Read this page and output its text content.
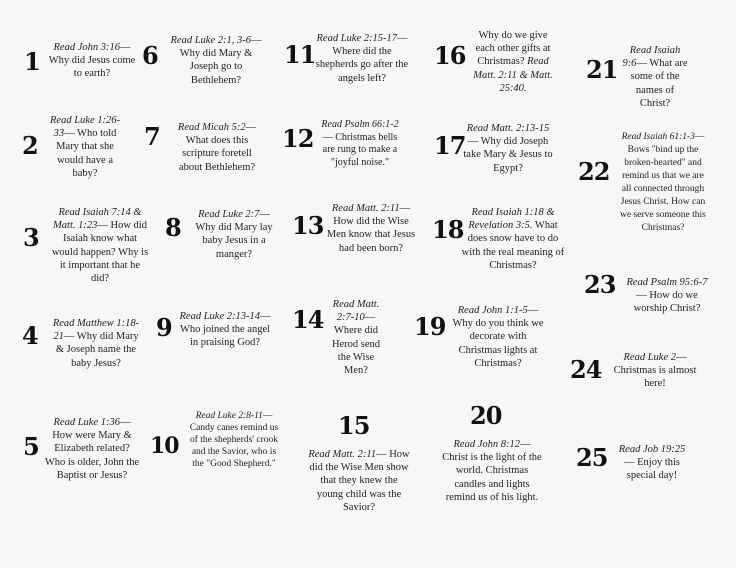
1	Read John 3:16— Why did Jesus come to earth?
2
Read Luke 1:26-33— Who told Mary that she would have a baby?
3
Read Isaiah 7:14 & Matt. 1:23— How did Isaiah know what would happen? Why is it important that he did?
4	Read Matthew 1:18-21— Why did Mary & Joseph name the baby Jesus?
5
Read Luke 1:36— How were Mary & Elizabeth related? Who is older, John the Baptist or Jesus?
6
Read Luke 2:1, 3-6— Why did Mary & Joseph go to Bethlehem?
7	Read Micah 5:2— What does this scripture foretell about Bethlehem?
8	Read Luke 2:7— Why did Mary lay baby Jesus in a manger?
9 Read Luke 2:13-14— Who joined the angel in praising God?
10
Read Luke 2:8-11— Candy canes remind us of the shepherds' crook and the Savior, who is the "Good Shepherd."
11
Read Luke 2:15-17— Where did the shepherds go after the angels left?
12 Read Psalm 66:1-2— Christmas bells are rung to make a "joyful noise."
13
Read Matt. 2:11— How did the Wise Men know that Jesus had been born?
14
Read Matt. 2:7-10— Where did Herod send the Wise Men?
15
Read Matt. 2:11— How did the Wise Men show that they knew the young child was the Savior?
16
Why do we give each other gifts at Christmas? Read Matt. 2:11 & Matt. 25:40.
17
Read Matt. 2:13-15— Why did Joseph take Mary & Jesus to Egypt?
18
Read Isaiah 1:18 & Revelation 3:5. What does snow have to do with the real meaning of Christmas?
19
Read John 1:1-5— Why do you think we decorate with Christmas lights at Christmas?
20
Read John 8:12— Christ is the light of the world. Christmas candles and lights remind us of his light.
21
Read Isaiah 9:6— What are some of the names of Christ?
22
Read Isaiah 61:1-3— Bows "bind up the broken-hearted" and remind us that we are all connected through Jesus Christ. How can we serve someone this Christmas?
23	Read Psalm 95:6-7— How do we worship Christ?
24	Read Luke 2— Christmas is almost here!
25	Read Job 19:25— Enjoy this special day!
